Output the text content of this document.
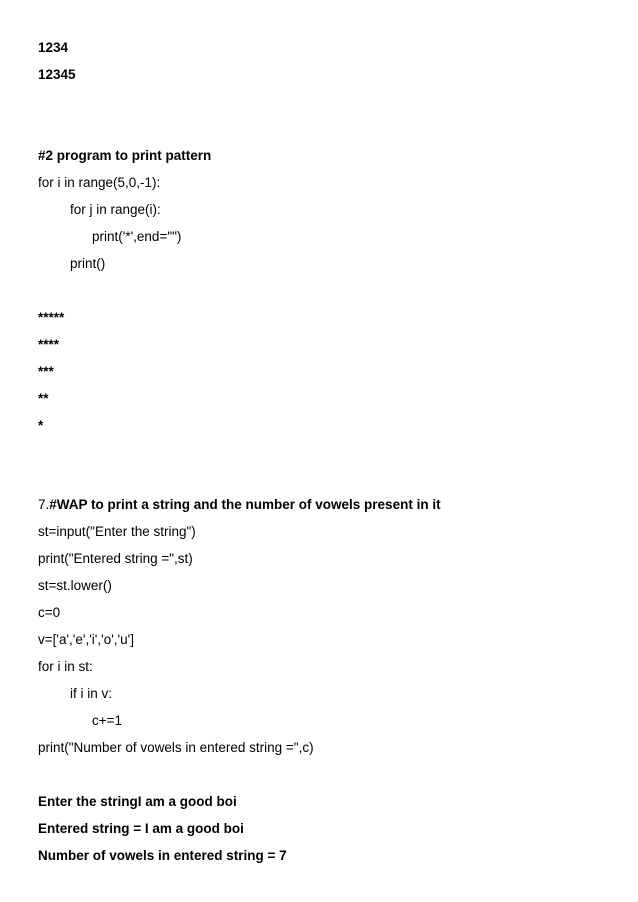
1234
12345
#2 program to print pattern
for i in range(5,0,-1):
for j in range(i):
print('*',end="")
print()
*****
****
***
**
*
7.#WAP to print a string and the number of vowels present in it
st=input("Enter the string")
print("Entered string =",st)
st=st.lower()
c=0
v=['a','e','i','o','u']
for i in st:
if i in v:
c+=1
print("Number of vowels in entered string =",c)
Enter the stringI am a good boi
Entered string = I am a good boi
Number of vowels in entered string = 7
